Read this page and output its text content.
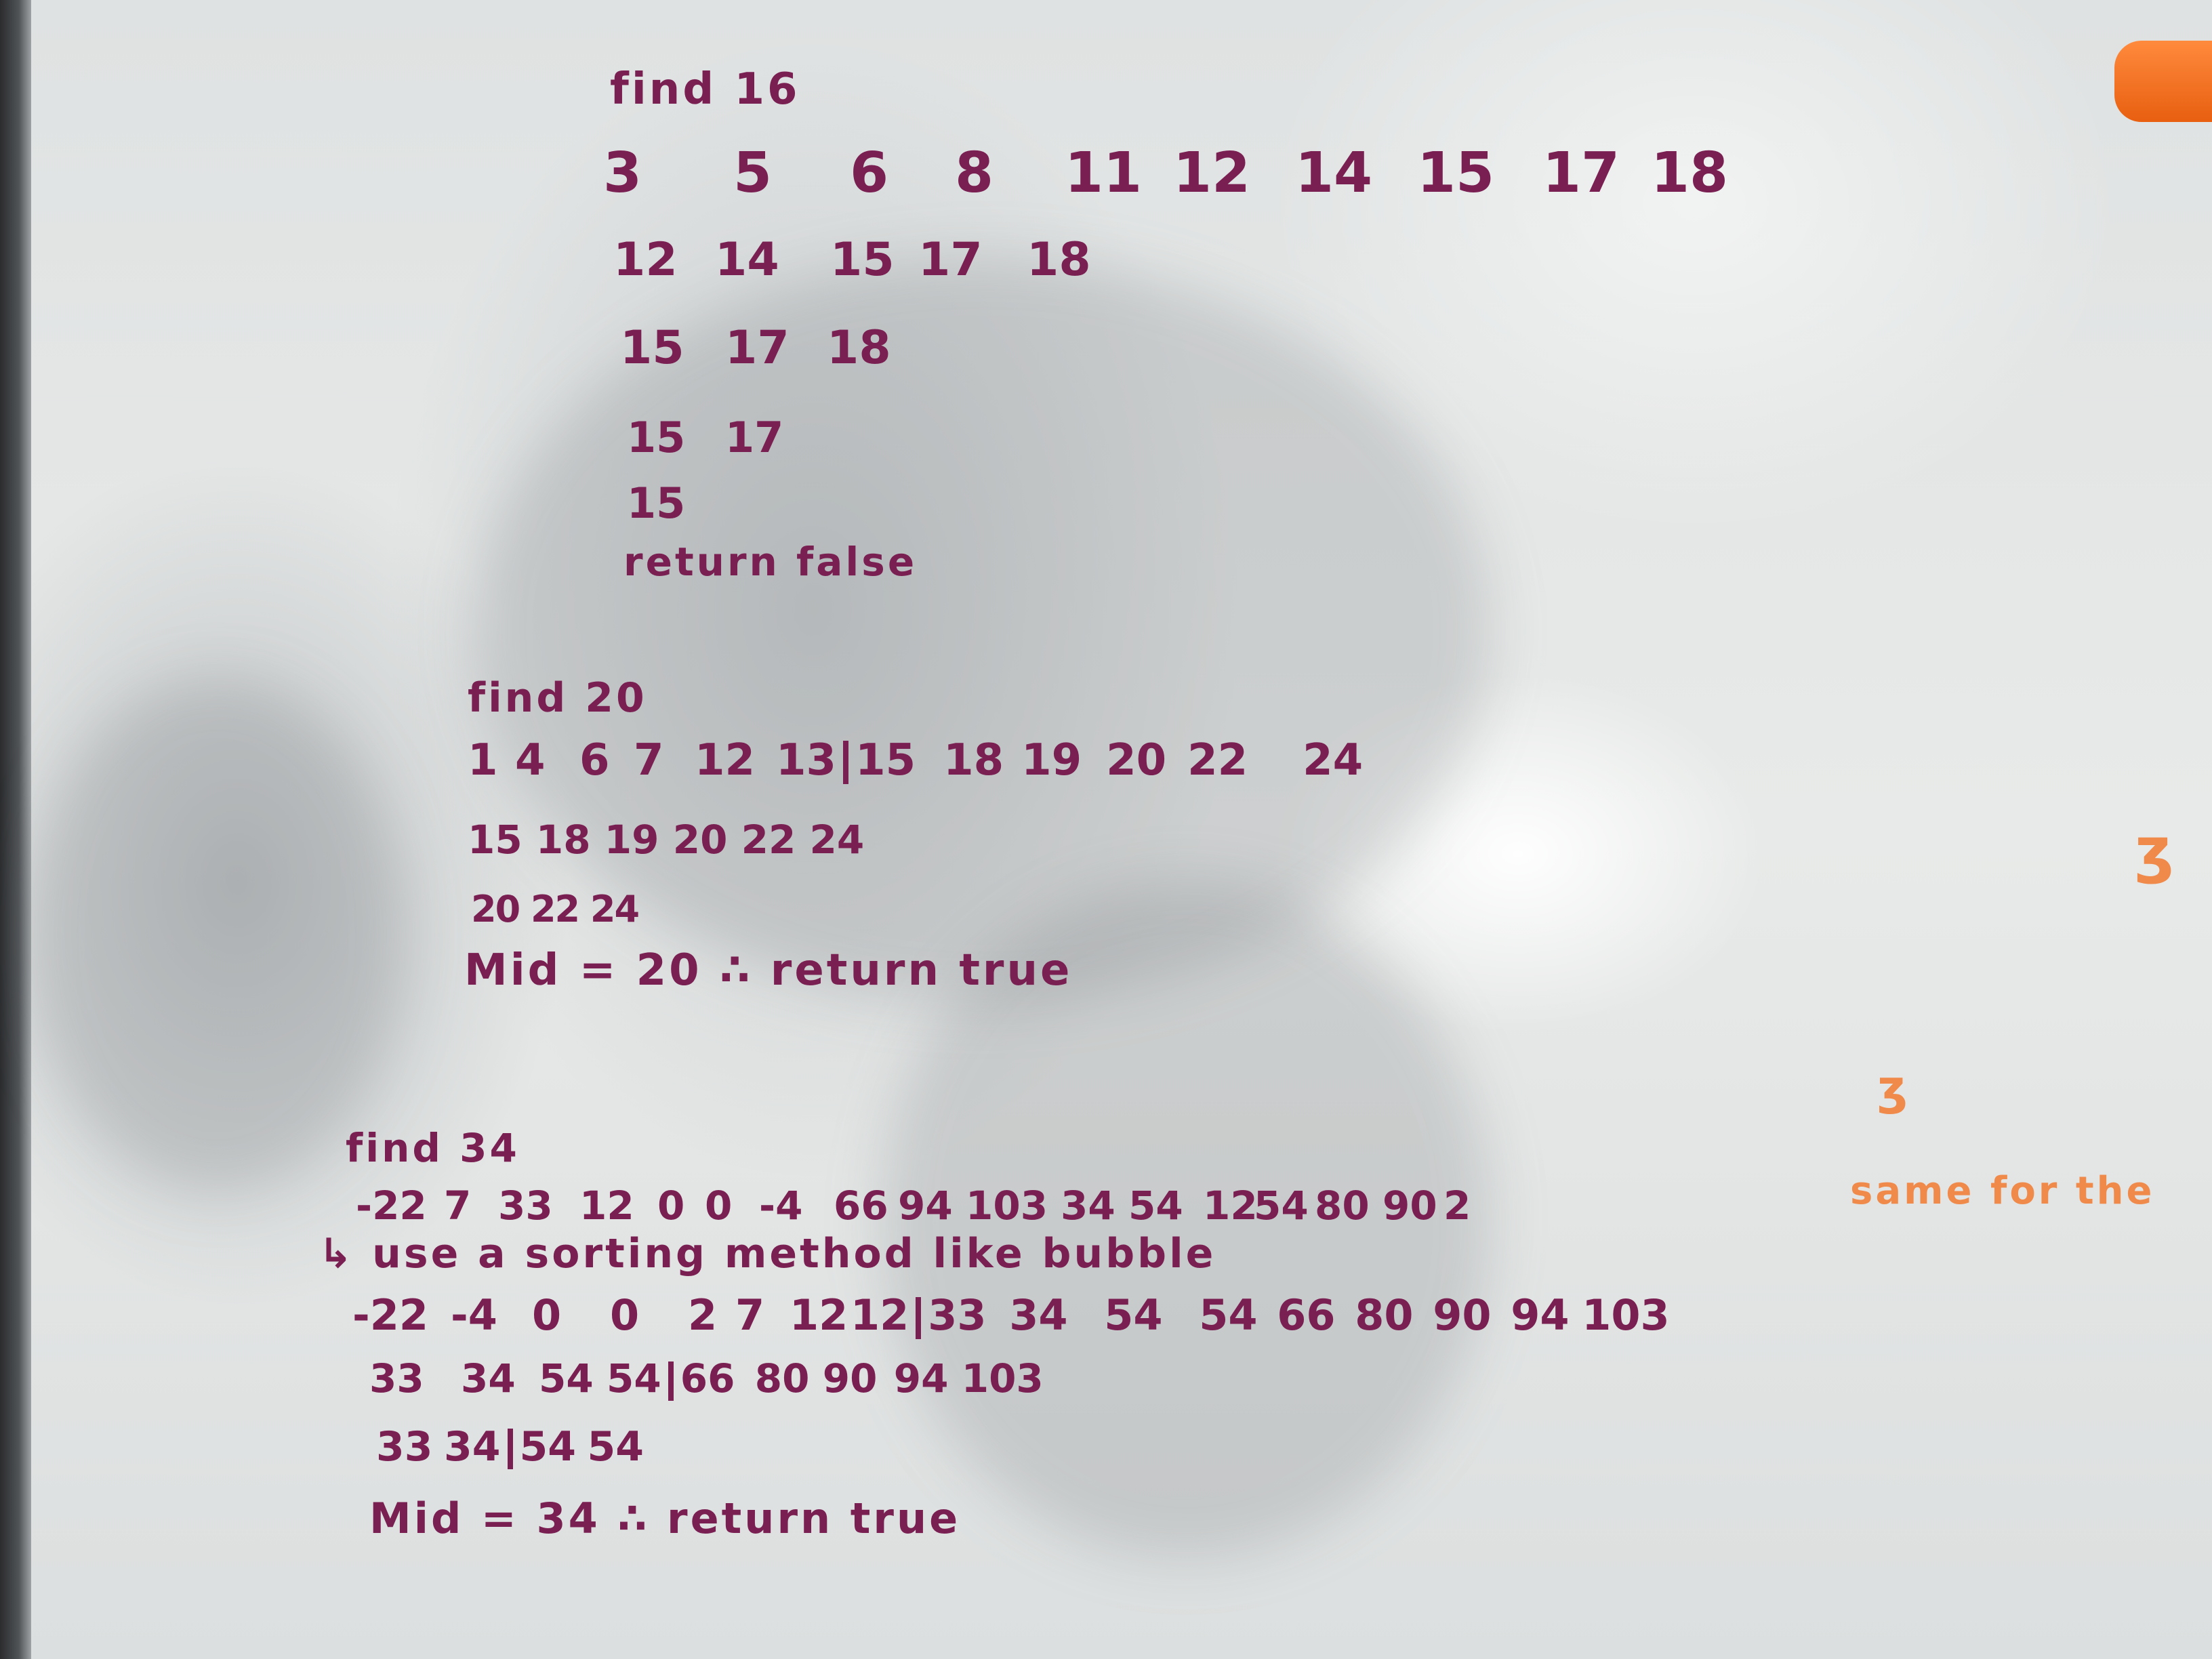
find 16

3 5 6 8 11 12 14 15 17 18

12 14 15 17 18

15 17 18

15 17

15

return false

find 20

1 4 6 7 12 13 15 18 19 20 22 24

15 18 19 20 22 24

20 22 24

Mid = 20 ∴ return true

find 34

-22 7 33 12 0 0 -4 66 94 103 34 54 1254 80 90 2

↳ use a sorting method like bubble

-22 -4 0 0 2 7 1212 33 34 54 54 66 80 90 94 103

33 34 54 54 66 80 90 94 103

33 34 54 54

Mid = 34 ∴ return true

same for the

ʒ

ʒ
